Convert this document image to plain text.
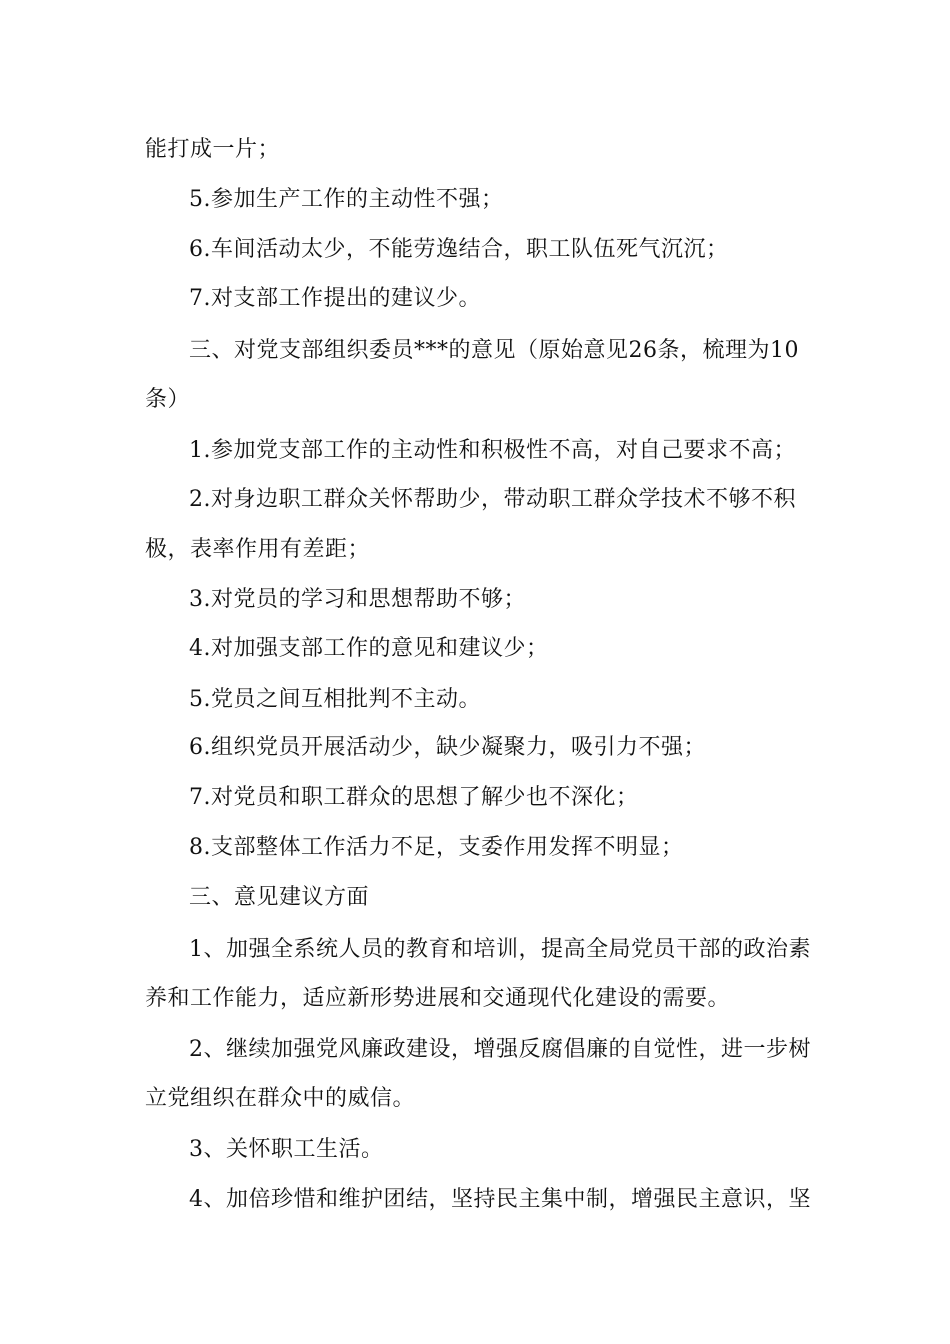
能打成一片；
5.参加生产工作的主动性不强；
6.车间活动太少，不能劳逸结合，职工队伍死气沉沉；
7.对支部工作提出的建议少。
三、对党支部组织委员***的意见（原始意见26条，梳理为10
条）
1.参加党支部工作的主动性和积极性不高，对自己要求不高；
2.对身边职工群众关怀帮助少，带动职工群众学技术不够不积
极，表率作用有差距；
3.对党员的学习和思想帮助不够；
4.对加强支部工作的意见和建议少；
5.党员之间互相批判不主动。
6.组织党员开展活动少，缺少凝聚力，吸引力不强；
7.对党员和职工群众的思想了解少也不深化；
8.支部整体工作活力不足，支委作用发挥不明显；
三、意见建议方面
1、加强全系统人员的教育和培训，提高全局党员干部的政治素
养和工作能力，适应新形势进展和交通现代化建设的需要。
2、继续加强党风廉政建设，增强反腐倡廉的自觉性，进一步树
立党组织在群众中的威信。
3、关怀职工生活。
4、加倍珍惜和维护团结，坚持民主集中制，增强民主意识，坚
